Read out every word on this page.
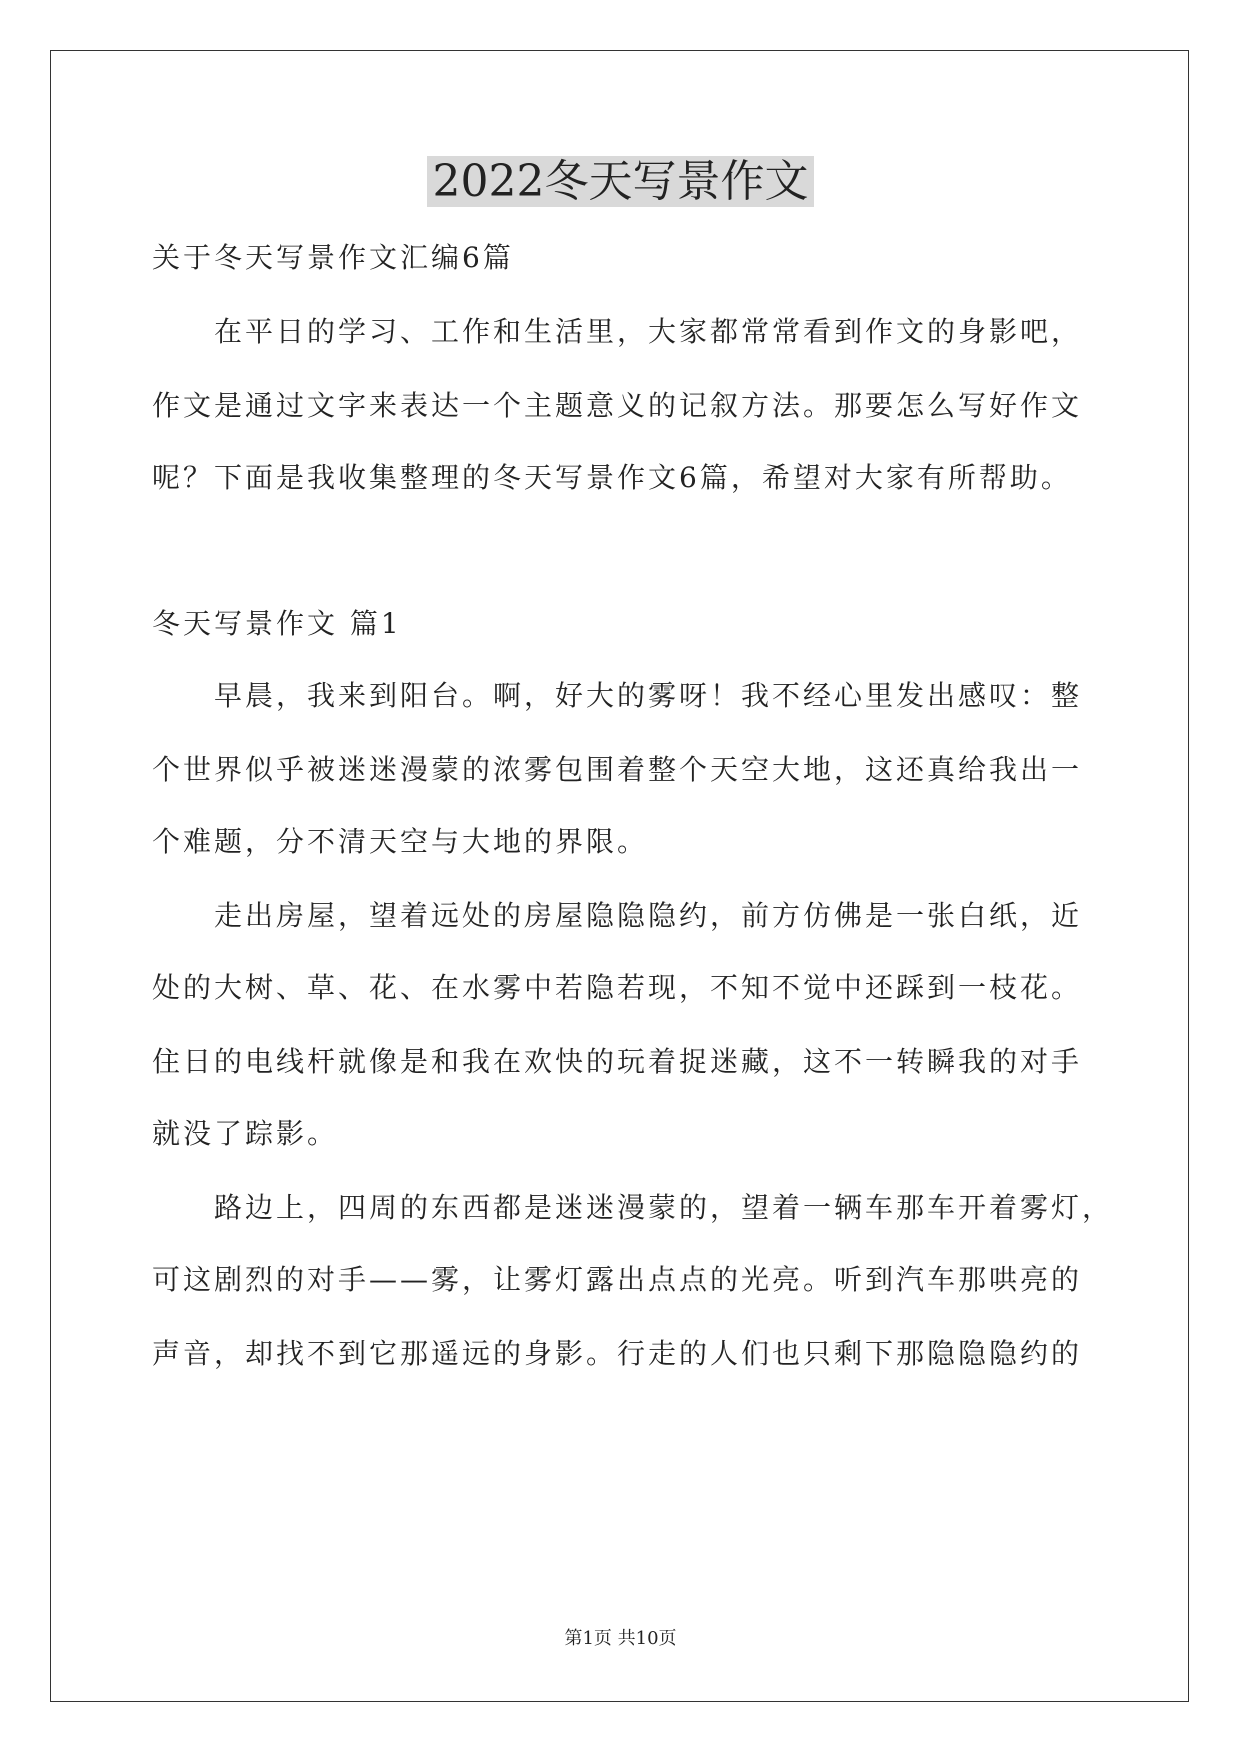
2022冬天写景作文

关于冬天写景作文汇编6篇

在平日的学习、工作和生活里，大家都常常看到作文的身影吧，

作文是通过文字来表达一个主题意义的记叙方法。那要怎么写好作文

呢？下面是我收集整理的冬天写景作文6篇，希望对大家有所帮助。

冬天写景作文 篇1

早晨，我来到阳台。啊，好大的雾呀！我不经心里发出感叹：整

个世界似乎被迷迷漫蒙的浓雾包围着整个天空大地，这还真给我出一

个难题，分不清天空与大地的界限。

走出房屋，望着远处的房屋隐隐隐约，前方仿佛是一张白纸，近

处的大树、草、花、在水雾中若隐若现，不知不觉中还踩到一枝花。

住日的电线杆就像是和我在欢快的玩着捉迷藏，这不一转瞬我的对手

就没了踪影。

路边上，四周的东西都是迷迷漫蒙的，望着一辆车那车开着雾灯，

可这剧烈的对手——雾，让雾灯露出点点的光亮。听到汽车那哄亮的

声音，却找不到它那遥远的身影。行走的人们也只剩下那隐隐隐约的

第1页 共10页
